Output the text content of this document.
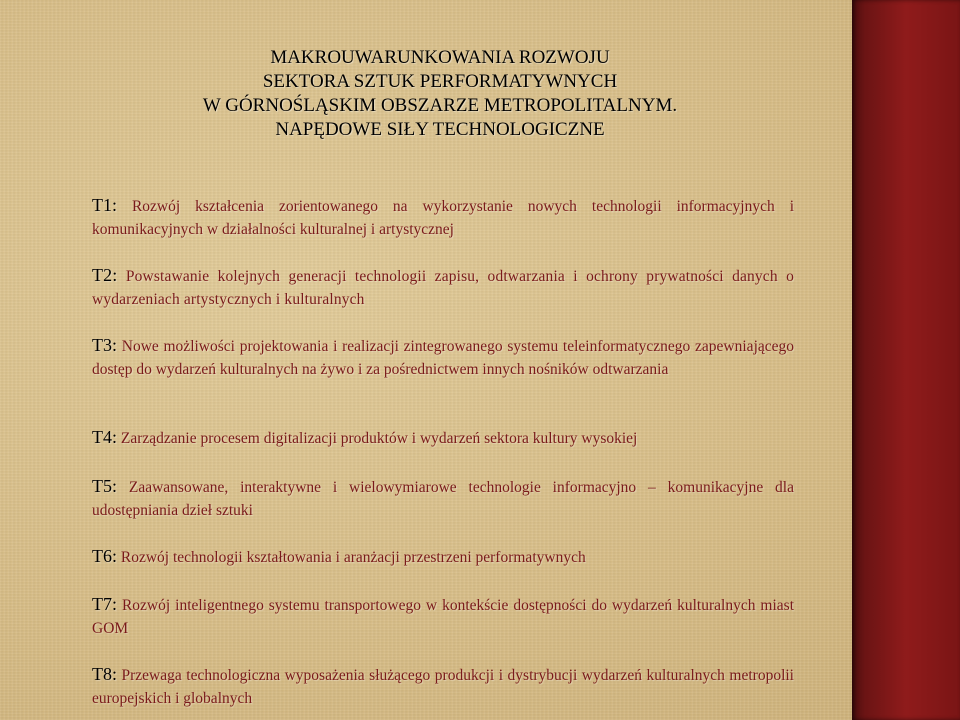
MAKROUWARUNKOWANIA ROZWOJU
SEKTORA SZTUK PERFORMATYWNYCH
W GÓRNOŚLĄSKIM OBSZARZE METROPOLITALNYM.
NAPĘDOWE SIŁY TECHNOLOGICZNE
T1: Rozwój kształcenia zorientowanego na wykorzystanie nowych technologii informacyjnych i komunikacyjnych w działalności kulturalnej i artystycznej
T2: Powstawanie kolejnych generacji technologii zapisu, odtwarzania i ochrony prywatności danych o wydarzeniach artystycznych i kulturalnych
T3: Nowe możliwości projektowania i realizacji zintegrowanego systemu teleinformatycznego zapewniającego dostęp do wydarzeń kulturalnych na żywo i za pośrednictwem innych nośników odtwarzania
T4: Zarządzanie procesem digitalizacji produktów i wydarzeń sektora kultury wysokiej
T5: Zaawansowane, interaktywne i wielowymiarowe technologie informacyjno – komunikacyjne dla udostępniania dzieł sztuki
T6: Rozwój technologii kształtowania i aranżacji przestrzeni performatywnych
T7: Rozwój inteligentnego systemu transportowego w kontekście dostępności do wydarzeń kulturalnych miast GOM
T8: Przewaga technologiczna wyposażenia służącego produkcji i dystrybucji wydarzeń kulturalnych metropolii europejskich i globalnych
